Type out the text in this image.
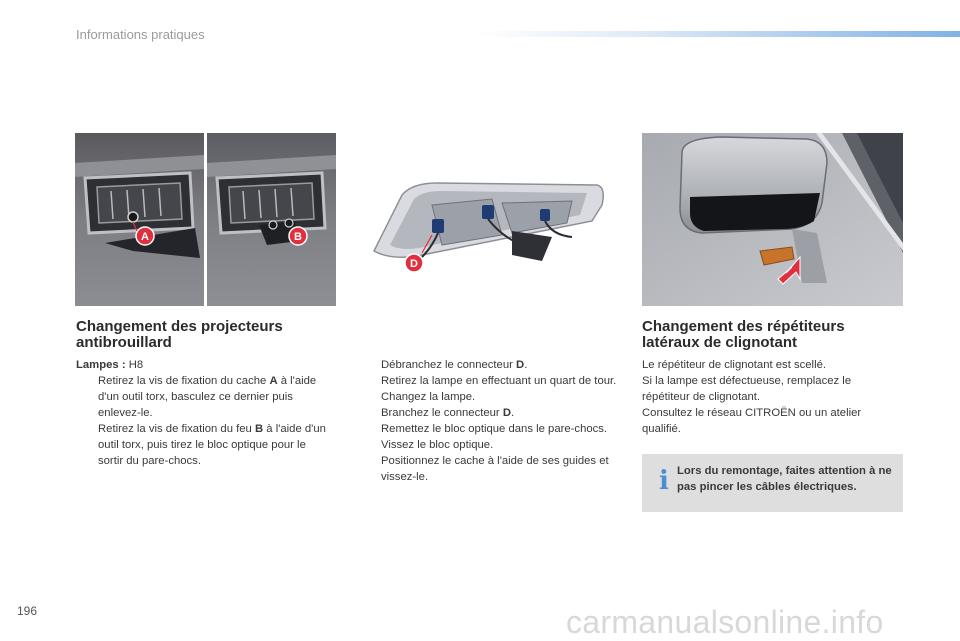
Informations pratiques
A	B
D
Changement des projecteurs
antibrouillard

Lampes : H8

Retirez la vis de fixation du cache A à l'aide d'un outil torx, basculez ce dernier puis enlevez-le.

Retirez la vis de fixation du feu B à l'aide d'un outil torx, puis tirez le bloc optique pour le sortir du pare-chocs.

Débranchez le connecteur D.

Retirez la lampe en effectuant un quart de tour.

Changez la lampe.

Branchez le connecteur D.

Remettez le bloc optique dans le pare-chocs.

Vissez le bloc optique.

Positionnez le cache à l'aide de ses guides et vissez-le.

Changement des répétiteurs
latéraux de clignotant

Le répétiteur de clignotant est scellé.

Si la lampe est défectueuse, remplacez le répétiteur de clignotant.

Consultez le réseau CITROËN ou un atelier qualifié.

i Lors du remontage, faites attention à ne pas pincer les câbles électriques.
196	carmanualsonline.info
